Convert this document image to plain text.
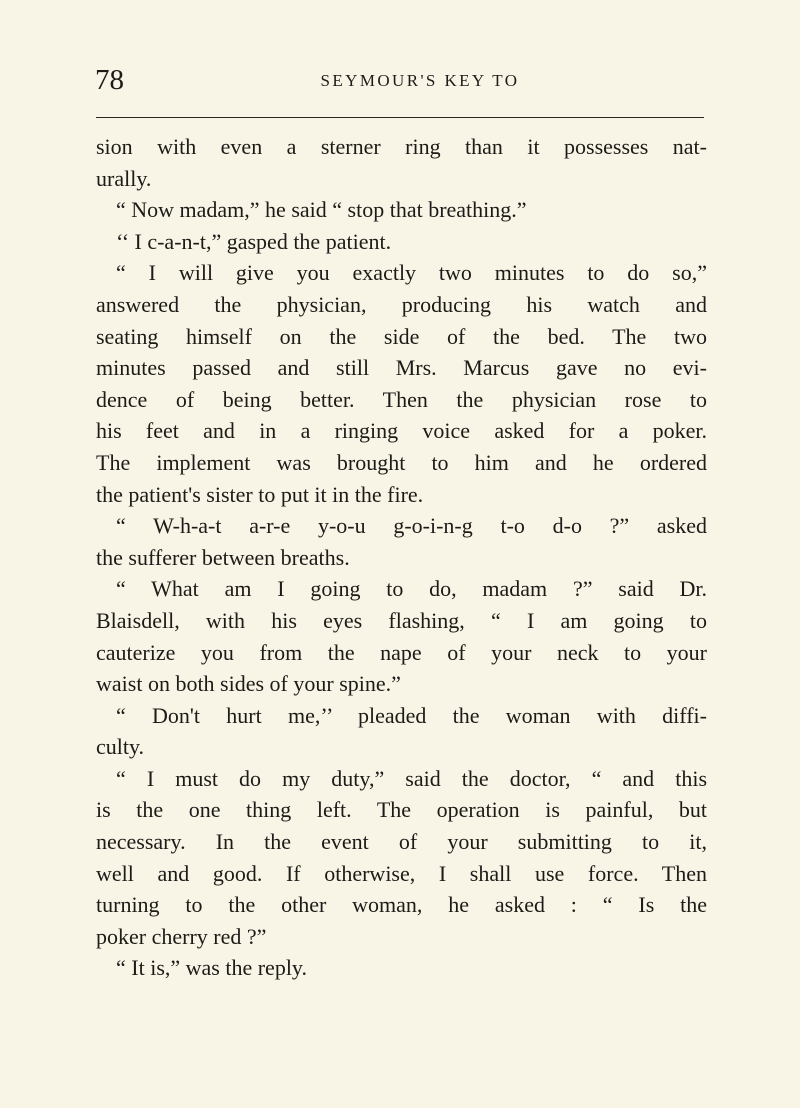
78	SEYMOUR'S KEY TO
sion with even a sterner ring than it possesses nat-
urally.
“ Now madam,” he said “ stop that breathing.”
‘‘ I c-a-n-t,” gasped the patient.
“ I will give you exactly two minutes to do so,”
answered the physician, producing his watch and
seating himself on the side of the bed. The two
minutes passed and still Mrs. Marcus gave no evi-
dence of being better. Then the physician rose to
his feet and in a ringing voice asked for a poker.
The implement was brought to him and he ordered
the patient's sister to put it in the fire.
“ W-h-a-t a-r-e y-o-u g-o-i-n-g t-o d-o ?” asked
the sufferer between breaths.
“ What am I going to do, madam ?” said Dr.
Blaisdell, with his eyes flashing, “ I am going to
cauterize you from the nape of your neck to your
waist on both sides of your spine.”
“ Don't hurt me,’’ pleaded the woman with diffi-
culty.
“ I must do my duty,” said the doctor, “ and this
is the one thing left. The operation is painful, but
necessary. In the event of your submitting to it,
well and good. If otherwise, I shall use force. Then
turning to the other woman, he asked : “ Is the
poker cherry red ?”
“ It is,” was the reply.
